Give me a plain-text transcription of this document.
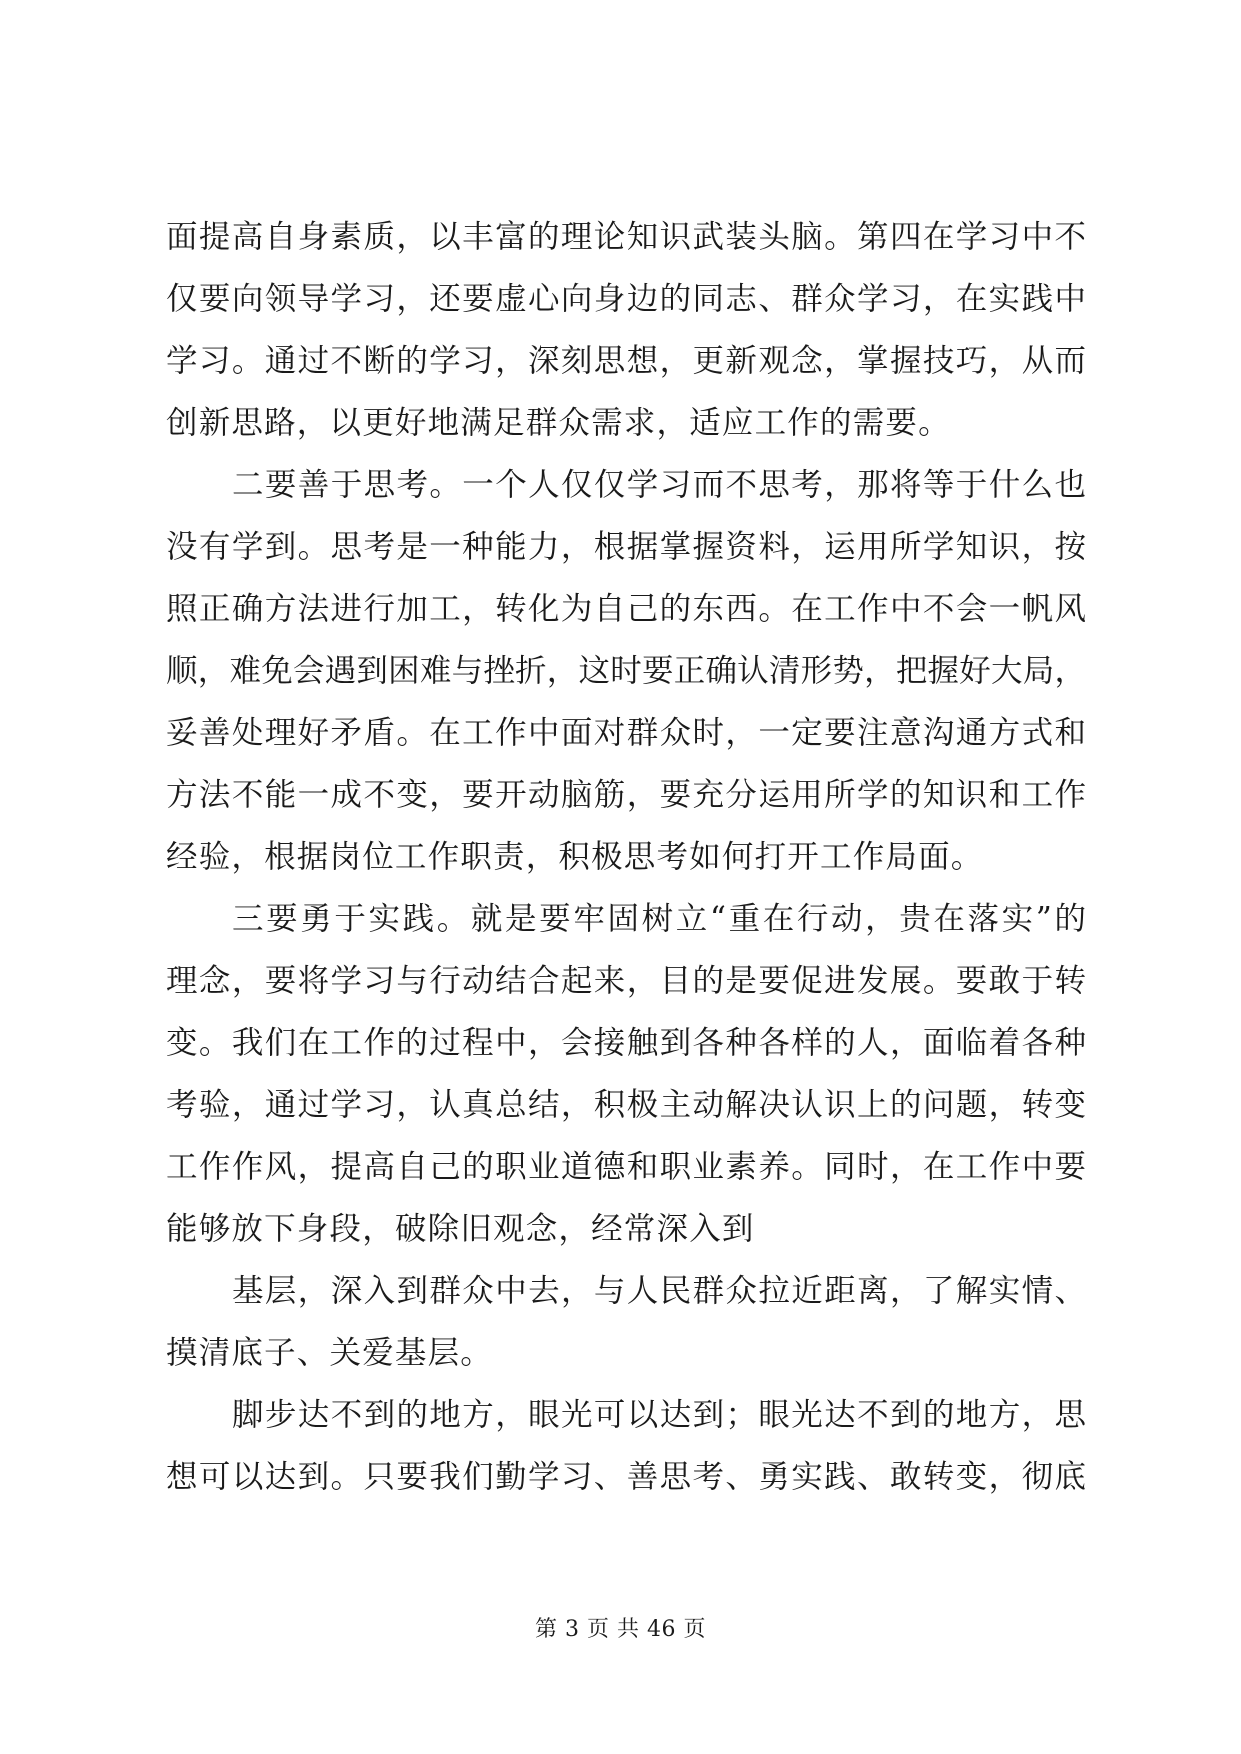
面提高自身素质，以丰富的理论知识武装头脑。第四在学习中不
仅要向领导学习，还要虚心向身边的同志、群众学习，在实践中
学习。通过不断的学习，深刻思想，更新观念，掌握技巧，从而
创新思路，以更好地满足群众需求，适应工作的需要。
二要善于思考。一个人仅仅学习而不思考，那将等于什么也
没有学到。思考是一种能力，根据掌握资料，运用所学知识，按
照正确方法进行加工，转化为自己的东西。在工作中不会一帆风
顺，难免会遇到困难与挫折，这时要正确认清形势，把握好大局，
妥善处理好矛盾。在工作中面对群众时，一定要注意沟通方式和
方法不能一成不变，要开动脑筋，要充分运用所学的知识和工作
经验，根据岗位工作职责，积极思考如何打开工作局面。
三要勇于实践。就是要牢固树立“重在行动，贵在落实”的
理念，要将学习与行动结合起来，目的是要促进发展。要敢于转
变。我们在工作的过程中，会接触到各种各样的人，面临着各种
考验，通过学习，认真总结，积极主动解决认识上的问题，转变
工作作风，提高自己的职业道德和职业素养。同时，在工作中要
能够放下身段，破除旧观念，经常深入到
基层，深入到群众中去，与人民群众拉近距离，了解实情、
摸清底子、关爱基层。
脚步达不到的地方，眼光可以达到；眼光达不到的地方，思
想可以达到。只要我们勤学习、善思考、勇实践、敢转变，彻底
第 3 页 共 46 页
